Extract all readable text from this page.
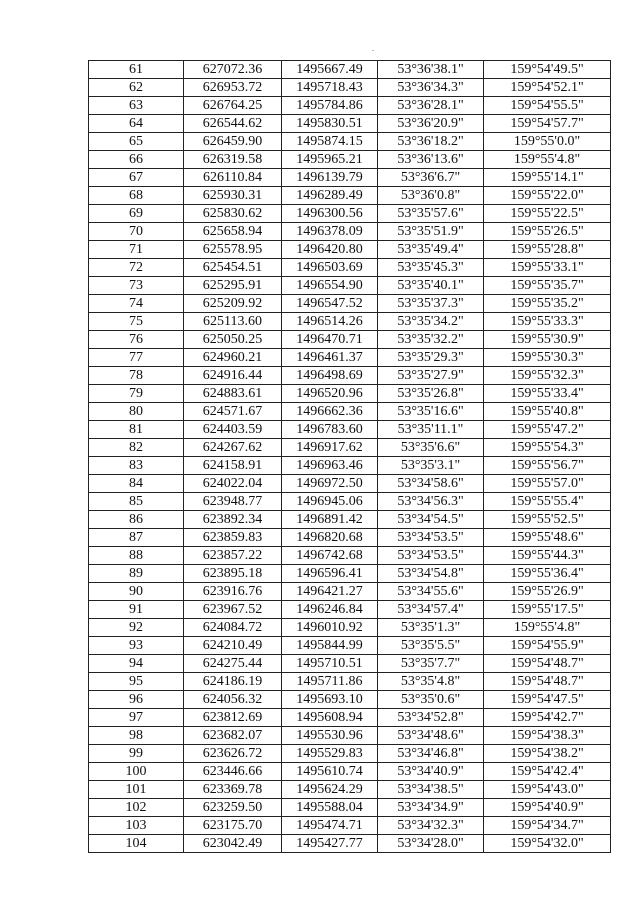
61	627072.36	1495667.49	53°36'38.1"	159°54'49.5"
62	626953.72	1495718.43	53°36'34.3"	159°54'52.1"
63	626764.25	1495784.86	53°36'28.1"	159°54'55.5"
64	626544.62	1495830.51	53°36'20.9"	159°54'57.7"
65	626459.90	1495874.15	53°36'18.2"	159°55'0.0"
66	626319.58	1495965.21	53°36'13.6"	159°55'4.8"
67	626110.84	1496139.79	53°36'6.7"	159°55'14.1"
68	625930.31	1496289.49	53°36'0.8"	159°55'22.0"
69	625830.62	1496300.56	53°35'57.6"	159°55'22.5"
70	625658.94	1496378.09	53°35'51.9"	159°55'26.5"
71	625578.95	1496420.80	53°35'49.4"	159°55'28.8"
72	625454.51	1496503.69	53°35'45.3"	159°55'33.1"
73	625295.91	1496554.90	53°35'40.1"	159°55'35.7"
74	625209.92	1496547.52	53°35'37.3"	159°55'35.2"
75	625113.60	1496514.26	53°35'34.2"	159°55'33.3"
76	625050.25	1496470.71	53°35'32.2"	159°55'30.9"
77	624960.21	1496461.37	53°35'29.3"	159°55'30.3"
78	624916.44	1496498.69	53°35'27.9"	159°55'32.3"
79	624883.61	1496520.96	53°35'26.8"	159°55'33.4"
80	624571.67	1496662.36	53°35'16.6"	159°55'40.8"
81	624403.59	1496783.60	53°35'11.1"	159°55'47.2"
82	624267.62	1496917.62	53°35'6.6"	159°55'54.3"
83	624158.91	1496963.46	53°35'3.1"	159°55'56.7"
84	624022.04	1496972.50	53°34'58.6"	159°55'57.0"
85	623948.77	1496945.06	53°34'56.3"	159°55'55.4"
86	623892.34	1496891.42	53°34'54.5"	159°55'52.5"
87	623859.83	1496820.68	53°34'53.5"	159°55'48.6"
88	623857.22	1496742.68	53°34'53.5"	159°55'44.3"
89	623895.18	1496596.41	53°34'54.8"	159°55'36.4"
90	623916.76	1496421.27	53°34'55.6"	159°55'26.9"
91	623967.52	1496246.84	53°34'57.4"	159°55'17.5"
92	624084.72	1496010.92	53°35'1.3"	159°55'4.8"
93	624210.49	1495844.99	53°35'5.5"	159°54'55.9"
94	624275.44	1495710.51	53°35'7.7"	159°54'48.7"
95	624186.19	1495711.86	53°35'4.8"	159°54'48.7"
96	624056.32	1495693.10	53°35'0.6"	159°54'47.5"
97	623812.69	1495608.94	53°34'52.8"	159°54'42.7"
98	623682.07	1495530.96	53°34'48.6"	159°54'38.3"
99	623626.72	1495529.83	53°34'46.8"	159°54'38.2"
100	623446.66	1495610.74	53°34'40.9"	159°54'42.4"
101	623369.78	1495624.29	53°34'38.5"	159°54'43.0"
102	623259.50	1495588.04	53°34'34.9"	159°54'40.9"
103	623175.70	1495474.71	53°34'32.3"	159°54'34.7"
104	623042.49	1495427.77	53°34'28.0"	159°54'32.0"
